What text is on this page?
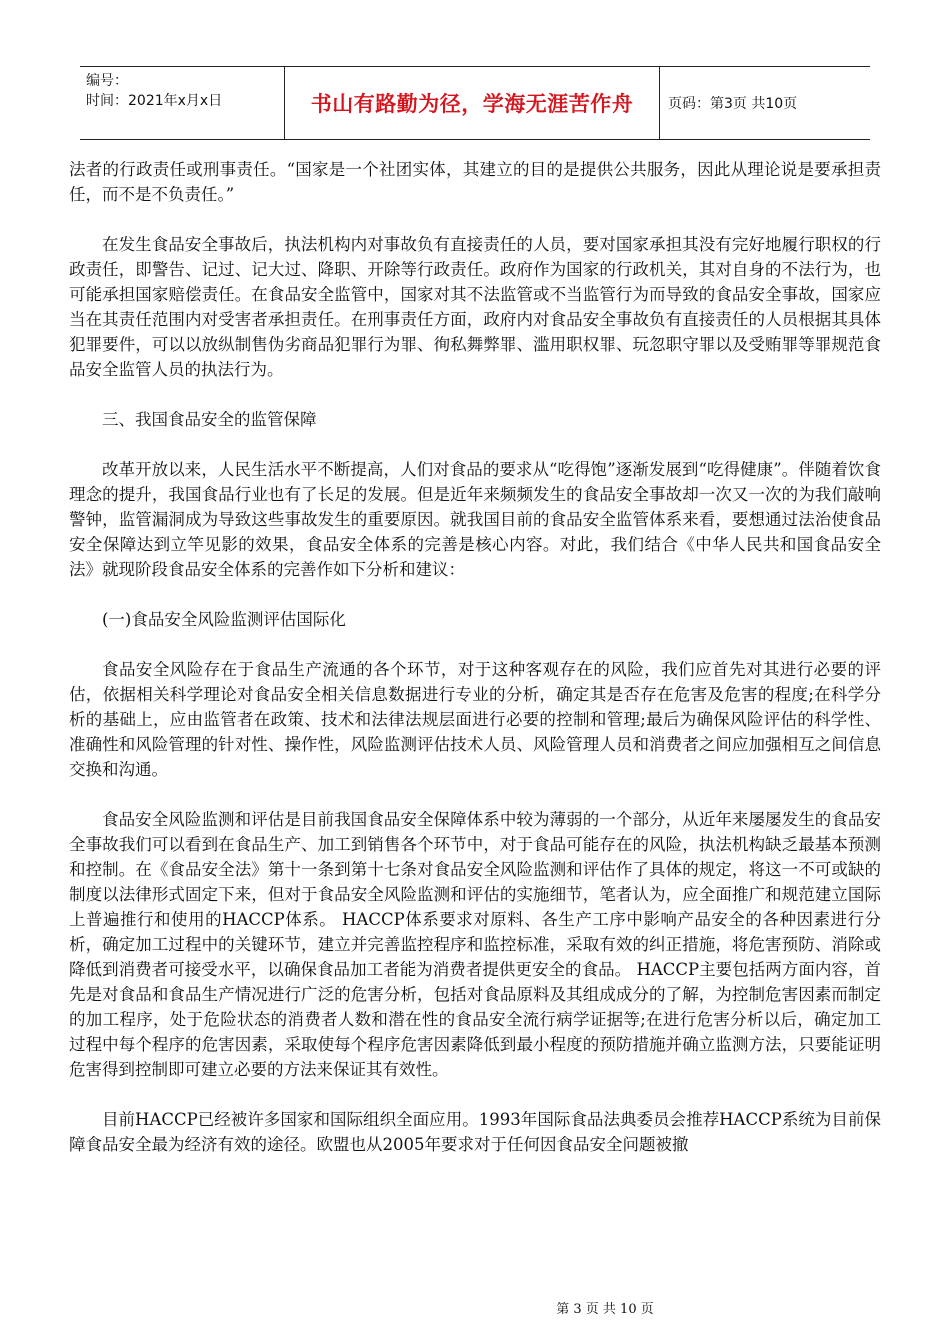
编号：
时间：2021年x月x日	书山有路勤为径，学海无涯苦作舟 页码：第3页 共10页

法者的行政责任或刑事责任。“国家是一个社团实体，其建立的目的是提供公共服务，因此从理论说是要承担责任，而不是不负责任。”

在发生食品安全事故后，执法机构内对事故负有直接责任的人员，要对国家承担其没有完好地履行职权的行政责任，即警告、记过、记大过、降职、开除等行政责任。政府作为国家的行政机关，其对自身的不法行为，也可能承担国家赔偿责任。在食品安全监管中，国家对其不法监管或不当监管行为而导致的食品安全事故，国家应当在其责任范围内对受害者承担责任。在刑事责任方面，政府内对食品安全事故负有直接责任的人员根据其具体犯罪要件，可以以放纵制售伪劣商品犯罪行为罪、徇私舞弊罪、滥用职权罪、玩忽职守罪以及受贿罪等罪规范食品安全监管人员的执法行为。

三、我国食品安全的监管保障

改革开放以来，人民生活水平不断提高，人们对食品的要求从“吃得饱”逐渐发展到“吃得健康”。伴随着饮食理念的提升，我国食品行业也有了长足的发展。但是近年来频频发生的食品安全事故却一次又一次的为我们敲响警钟，监管漏洞成为导致这些事故发生的重要原因。就我国目前的食品安全监管体系来看，要想通过法治使食品安全保障达到立竿见影的效果，食品安全体系的完善是核心内容。对此，我们结合《中华人民共和国食品安全法》就现阶段食品安全体系的完善作如下分析和建议：

(一)食品安全风险监测评估国际化

食品安全风险存在于食品生产流通的各个环节，对于这种客观存在的风险，我们应首先对其进行必要的评估，依据相关科学理论对食品安全相关信息数据进行专业的分析，确定其是否存在危害及危害的程度;在科学分析的基础上，应由监管者在政策、技术和法律法规层面进行必要的控制和管理;最后为确保风险评估的科学性、准确性和风险管理的针对性、操作性，风险监测评估技术人员、风险管理人员和消费者之间应加强相互之间信息交换和沟通。

食品安全风险监测和评估是目前我国食品安全保障体系中较为薄弱的一个部分，从近年来屡屡发生的食品安全事故我们可以看到在食品生产、加工到销售各个环节中，对于食品可能存在的风险，执法机构缺乏最基本预测和控制。在《食品安全法》第十一条到第十七条对食品安全风险监测和评估作了具体的规定，将这一不可或缺的制度以法律形式固定下来，但对于食品安全风险监测和评估的实施细节，笔者认为，应全面推广和规范建立国际上普遍推行和使用的HACCP体系。 HACCP体系要求对原料、各生产工序中影响产品安全的各种因素进行分析，确定加工过程中的关键环节，建立并完善监控程序和监控标准，采取有效的纠正措施，将危害预防、消除或降低到消费者可接受水平，以确保食品加工者能为消费者提供更安全的食品。 HACCP主要包括两方面内容，首先是对食品和食品生产情况进行广泛的危害分析，包括对食品原料及其组成成分的了解，为控制危害因素而制定的加工程序，处于危险状态的消费者人数和潜在性的食品安全流行病学证据等;在进行危害分析以后，确定加工过程中每个程序的危害因素，采取使每个程序危害因素降低到最小程度的预防措施并确立监测方法，只要能证明危害得到控制即可建立必要的方法来保证其有效性。

目前HACCP已经被许多国家和国际组织全面应用。1993年国际食品法典委员会推荐HACCP系统为目前保障食品安全最为经济有效的途径。欧盟也从2005年要求对于任何因食品安全问题被撤

第 3 页 共 10 页
